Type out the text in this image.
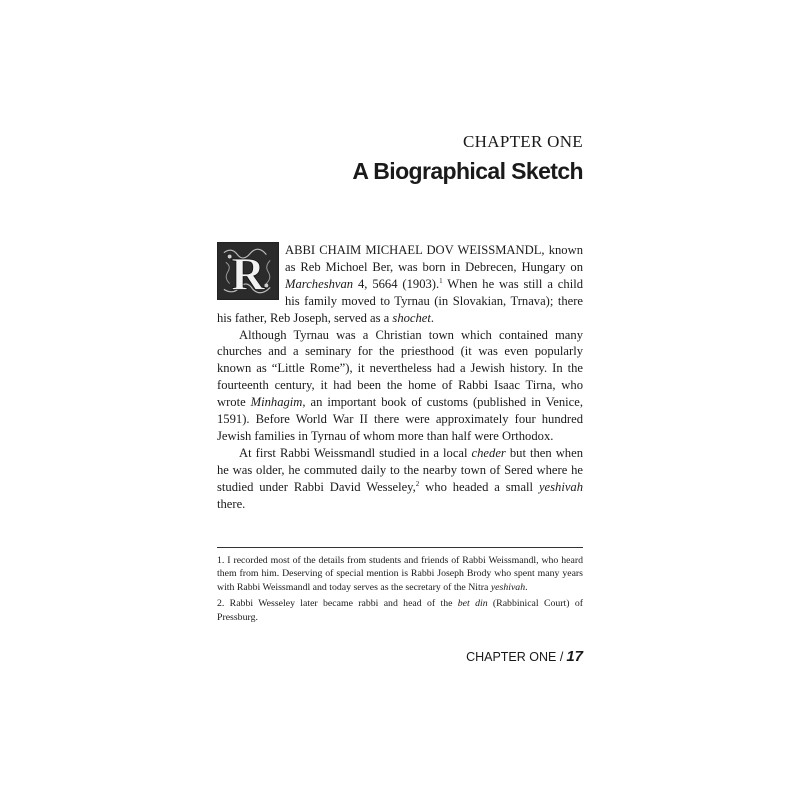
CHAPTER ONE
A Biographical Sketch

R ABBI CHAIM MICHAEL DOV WEISSMANDL, known as Reb Michoel Ber, was born in Debrecen, Hungary on Marcheshvan 4, 5664 (1903).$^1$ When he was still a child his family moved to Tyrnau (in Slovakian, Trnava); there his father, Reb Joseph, served as a shochet.

Although Tyrnau was a Christian town which contained many churches and a seminary for the priesthood (it was even popularly known as “Little Rome”), it nevertheless had a Jewish history. In the fourteenth century, it had been the home of Rabbi Isaac Tirna, who wrote Minhagim, an important book of customs (published in Venice, 1591). Before World War II there were approximately four hundred Jewish families in Tyrnau of whom more than half were Orthodox.

At first Rabbi Weissmandl studied in a local cheder but then when he was older, he commuted daily to the nearby town of Sered where he studied under Rabbi David Wesseley,$^2$ who headed a small yeshivah there.

1. I recorded most of the details from students and friends of Rabbi Weissmandl, who heard them from him. Deserving of special mention is Rabbi Joseph Brody who spent many years with Rabbi Weissmandl and today serves as the secretary of the Nitra yeshivah.

2. Rabbi Wesseley later became rabbi and head of the bet din (Rabbinical Court) of Pressburg.

CHAPTER ONE / 17
